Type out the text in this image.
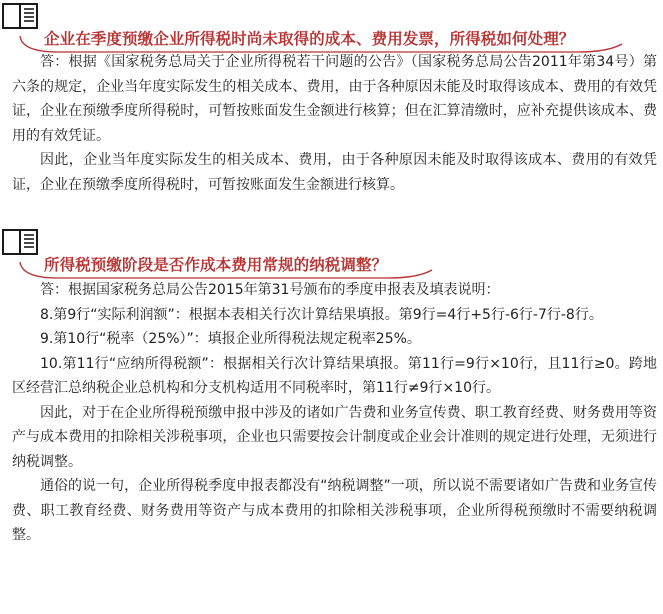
企业在季度预缴企业所得税时尚未取得的成本、费用发票，所得税如何处理？

答：根据《国家税务总局关于企业所得税若干问题的公告》（国家税务总局公告2011年第34号）第六条的规定，企业当年度实际发生的相关成本、费用，由于各种原因未能及时取得该成本、费用的有效凭证，企业在预缴季度所得税时，可暂按账面发生金额进行核算；但在汇算清缴时，应补充提供该成本、费用的有效凭证。

因此，企业当年度实际发生的相关成本、费用，由于各种原因未能及时取得该成本、费用的有效凭证，企业在预缴季度所得税时，可暂按账面发生金额进行核算。

所得税预缴阶段是否作成本费用常规的纳税调整？

答：根据国家税务总局公告2015年第31号颁布的季度申报表及填表说明：

8.第9行“实际利润额”：根据本表相关行次计算结果填报。第9行=4行+5行-6行-7行-8行。

9.第10行“税率（25%）”：填报企业所得税法规定税率25%。

10.第11行“应纳所得税额”：根据相关行次计算结果填报。第11行=9行×10行，且11行≥0。跨地区经营汇总纳税企业总机构和分支机构适用不同税率时，第11行≠9行×10行。

因此，对于在企业所得税预缴申报中涉及的诸如广告费和业务宣传费、职工教育经费、财务费用等资产与成本费用的扣除相关涉税事项，企业也只需要按会计制度或企业会计准则的规定进行处理，无须进行纳税调整。

通俗的说一句，企业所得税季度申报表都没有“纳税调整”一项，所以说不需要诸如广告费和业务宣传费、职工教育经费、财务费用等资产与成本费用的扣除相关涉税事项，企业所得税预缴时不需要纳税调整。
